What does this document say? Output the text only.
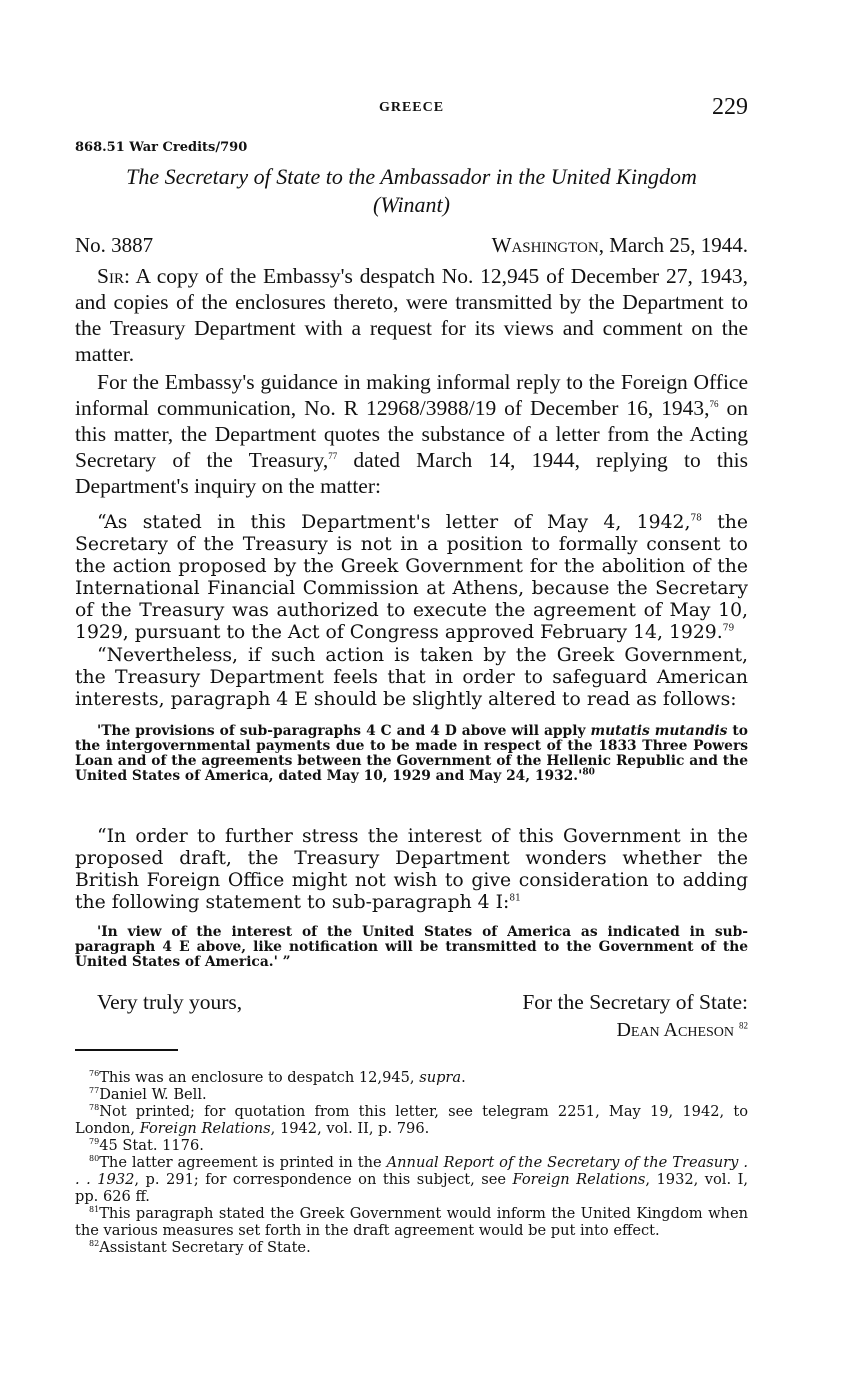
GREECE	229
868.51 War Credits/790
The Secretary of State to the Ambassador in the United Kingdom
(Winant)
No. 3887	Washington, March 25, 1944.

Sir: A copy of the Embassy's despatch No. 12,945 of December 27, 1943, and copies of the enclosures thereto, were transmitted by the Department to the Treasury Department with a request for its views and comment on the matter.

For the Embassy's guidance in making informal reply to the Foreign Office informal communication, No. R 12968/3988/19 of December 16, 1943,76 on this matter, the Department quotes the substance of a letter from the Acting Secretary of the Treasury,$^{77}$ dated March 14, 1944, replying to this Department's inquiry on the matter:

“As stated in this Department's letter of May 4, 1942,78 the Secretary of the Treasury is not in a position to formally consent to the action proposed by the Greek Government for the abolition of the International Financial Commission at Athens, because the Secretary of the Treasury was authorized to execute the agreement of May 10, 1929, pursuant to the Act of Congress approved February 14, 1929.79

“Nevertheless, if such action is taken by the Greek Government, the Treasury Department feels that in order to safeguard American interests, paragraph 4 E should be slightly altered to read as follows:

'The provisions of sub-paragraphs 4 C and 4 D above will apply mutatis mutandis to the intergovernmental payments due to be made in respect of the 1833 Three Powers Loan and of the agreements between the Government of the Hellenic Republic and the United States of America, dated May 10, 1929 and May 24, $1932.'^{80}$

“In order to further stress the interest of this Government in the proposed draft, the Treasury Department wonders whether the British Foreign Office might not wish to give consideration to adding the following statement to sub-paragraph 4 I:$^{81}$

'In view of the interest of the United States of America as indicated in sub-paragraph 4 E above, like notification will be transmitted to the Government of the United States of America.' ”
Very truly yours,	For the Secretary of State:
Dean Acheson $^{82}$

$^{76}$This was an enclosure to despatch 12,945, supra.

$^{77}$Daniel W. Bell.

$^{78}$Not printed; for quotation from this letter, see telegram 2251, May 19, 1942, to London, Foreign Relations, 1942, vol. II, p. 796.

$^{79}$45 Stat. 1176.

$^{80}$The latter agreement is printed in the Annual Report of the Secretary of the Treasury . . . 1932, p. 291; for correspondence on this subject, see Foreign Relations, 1932, vol. I, pp. 626 ff.

$^{81}$This paragraph stated the Greek Government would inform the United Kingdom when the various measures set forth in the draft agreement would be put into effect.

$^{82}$Assistant Secretary of State.
